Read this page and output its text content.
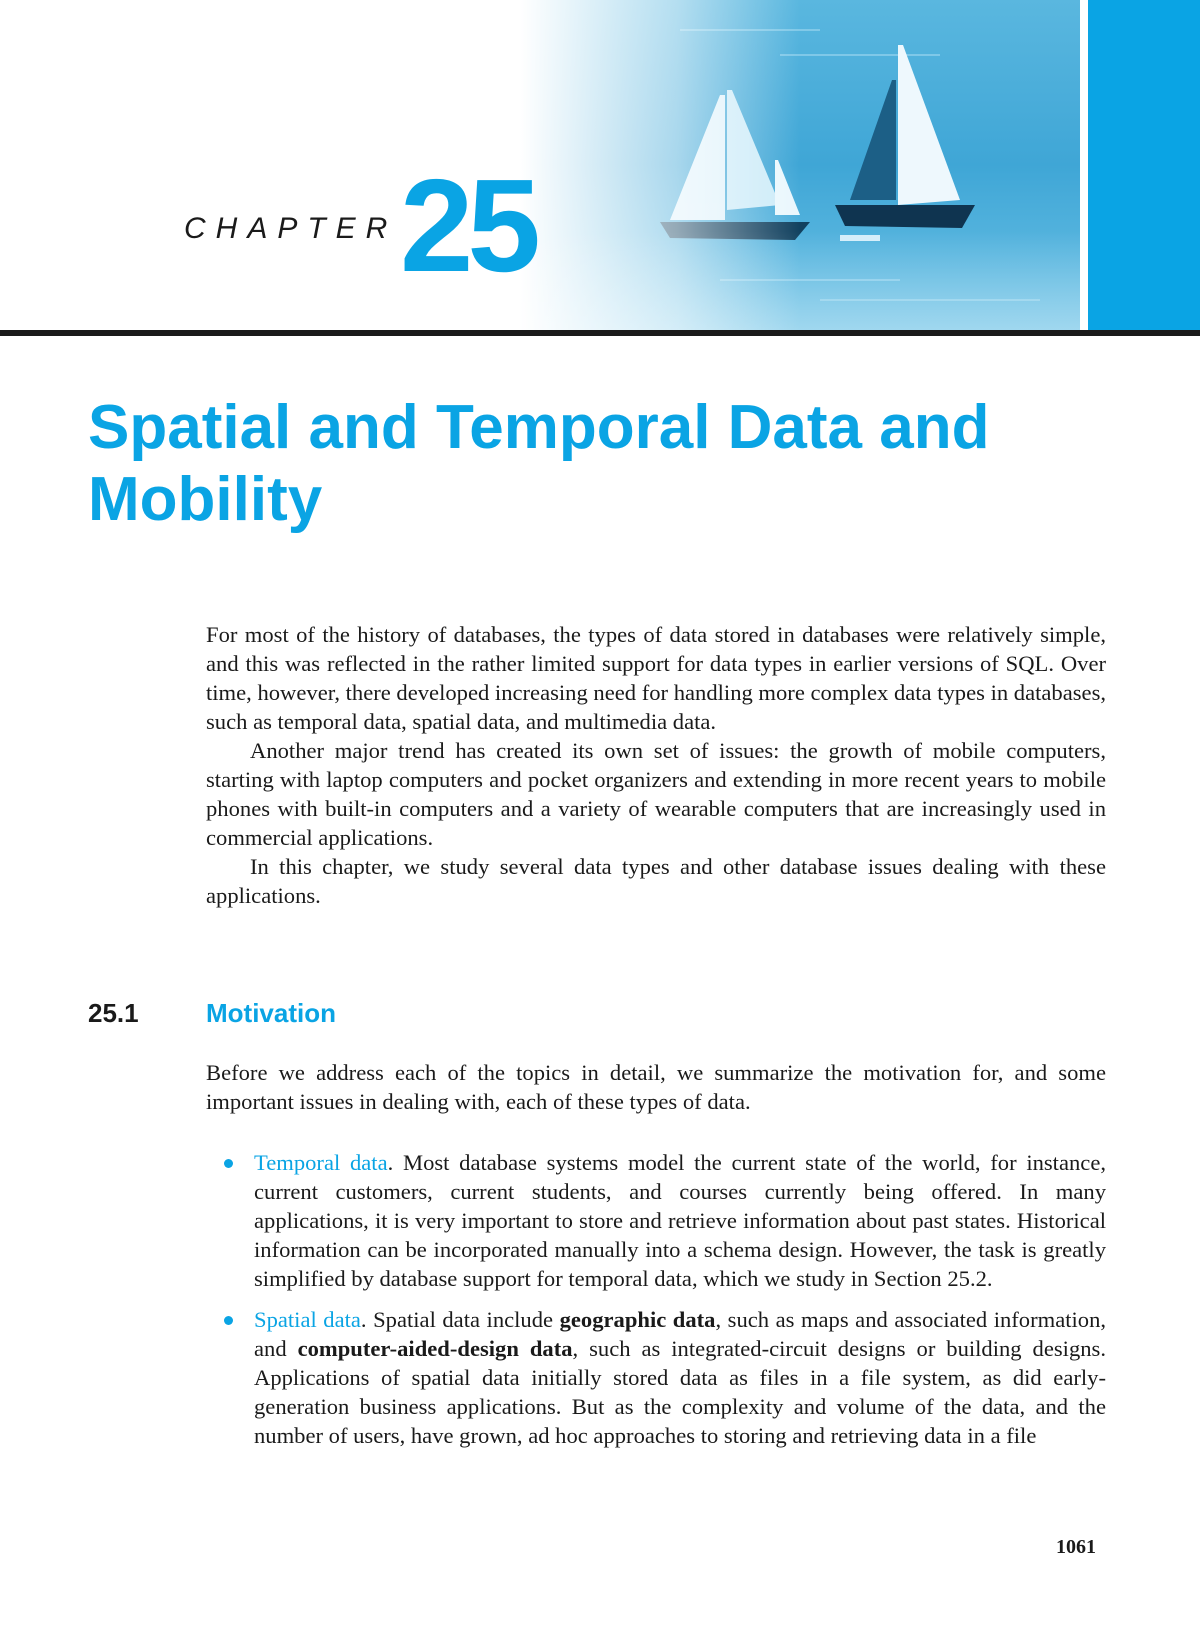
CHAPTER 25
Spatial and Temporal Data and
Mobility

For most of the history of databases, the types of data stored in databases were relatively simple, and this was reflected in the rather limited support for data types in earlier versions of SQL. Over time, however, there developed increasing need for handling more complex data types in databases, such as temporal data, spatial data, and multimedia data.

Another major trend has created its own set of issues: the growth of mobile computers, starting with laptop computers and pocket organizers and extending in more recent years to mobile phones with built-in computers and a variety of wearable computers that are increasingly used in commercial applications.

In this chapter, we study several data types and other database issues dealing with these applications.

25.1	Motivation

Before we address each of the topics in detail, we summarize the motivation for, and some important issues in dealing with, each of these types of data.

Temporal data. Most database systems model the current state of the world, for instance, current customers, current students, and courses currently being offered. In many applications, it is very important to store and retrieve information about past states. Historical information can be incorporated manually into a schema design. However, the task is greatly simplified by database support for temporal data, which we study in Section 25.2.
Spatial data. Spatial data include geographic data, such as maps and associated information, and computer-aided-design data, such as integrated-circuit designs or building designs. Applications of spatial data initially stored data as files in a file system, as did early-generation business applications. But as the complexity and volume of the data, and the number of users, have grown, ad hoc approaches to storing and retrieving data in a file
1061
